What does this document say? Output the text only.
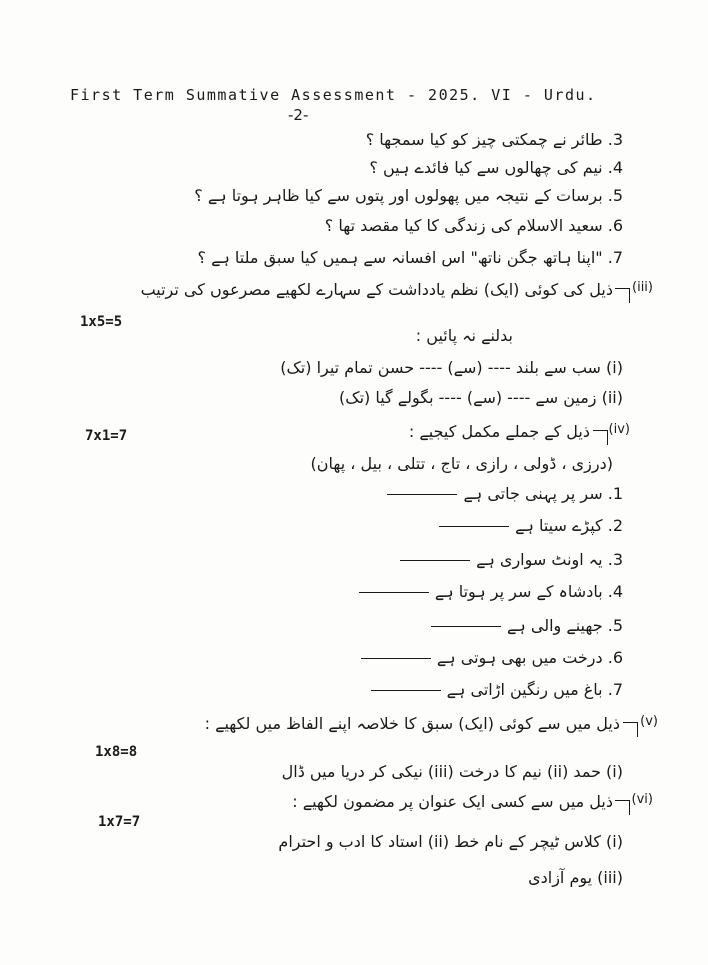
First Term Summative Assessment - 2025. VI - Urdu.
-2-
3. طائر نے چمکتی چیز کو کیا سمجھا ؟
4. نیم کی چھالوں سے کیا فائدے ہیں ؟
5. برسات کے نتیجہ میں پھولوں اور پتوں سے کیا ظاہر ہوتا ہے ؟
6. سعید الاسلام کی زندگی کا کیا مقصد تھا ؟
7. "اپنا ہاتھ جگن ناتھ" اس افسانہ سے ہمیں کیا سبق ملتا ہے ؟
(iii)
ذیل کی کوئی (ایک) نظم یادداشت کے سہارے لکھیے مصرعوں کی ترتیب
1x5=5
بدلنے نہ پائیں :
(i) سب سے بلند ---- (سے) ---- حسن تمام تیرا (تک)
(ii) زمین سے ---- (سے) ---- بگولے گیا (تک)
(iv)
ذیل کے جملے مکمل کیجیے :
7x1=7
(درزی ، ڈولی ، رازی ، تاج ، تتلی ، بیل ، پھان)
1. سر پر پہنی جاتی ہے
2. کپڑے سیتا ہے
3. یہ اونٹ سواری ہے
4. بادشاہ کے سر پر ہوتا ہے
5. جھینے والی ہے
6. درخت میں بھی ہوتی ہے
7. باغ میں رنگین اڑاتی ہے
(v)
ذیل میں سے کوئی (ایک) سبق کا خلاصہ اپنے الفاظ میں لکھیے :
1x8=8
(i) حمد (ii) نیم کا درخت (iii) نیکی کر دریا میں ڈال
(vi)
ذیل میں سے کسی ایک عنوان پر مضمون لکھیے :
1x7=7
(i) کلاس ٹیچر کے نام خط (ii) استاد کا ادب و احترام
(iii) یوم آزادی
